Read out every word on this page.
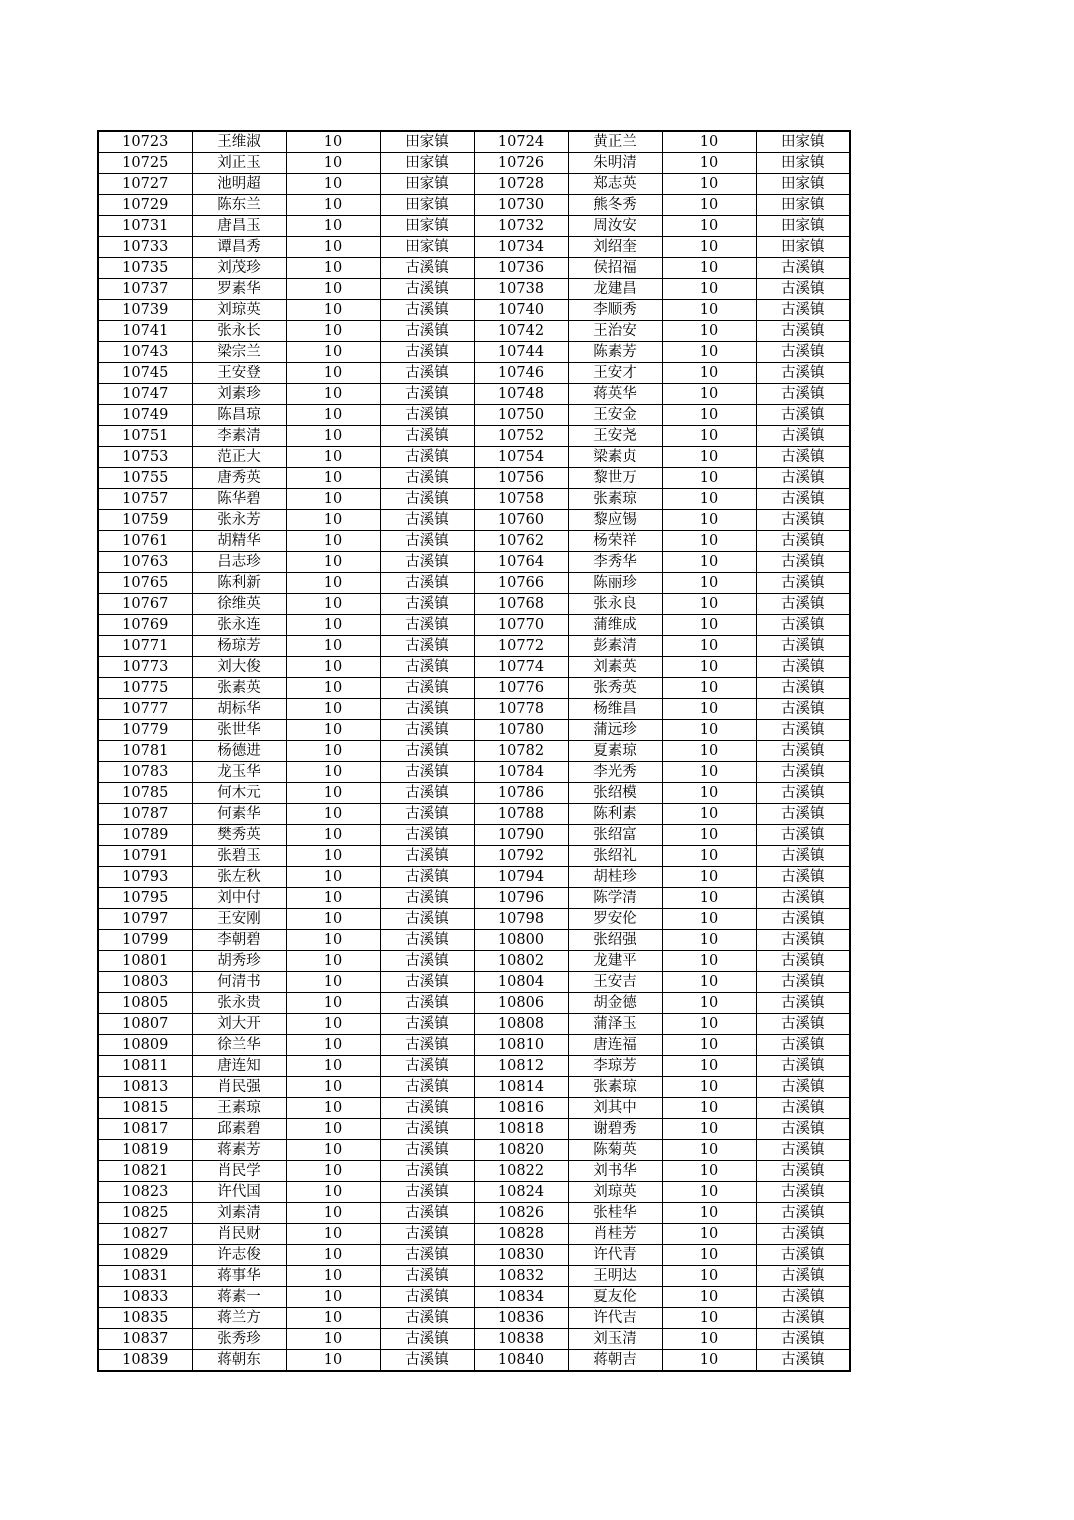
10723	王维淑	10	田家镇	10724	黄正兰	10	田家镇
10725	刘正玉	10	田家镇	10726	朱明清	10	田家镇
10727	池明超	10	田家镇	10728	郑志英	10	田家镇
10729	陈东兰	10	田家镇	10730	熊冬秀	10	田家镇
10731	唐昌玉	10	田家镇	10732	周汝安	10	田家镇
10733	谭昌秀	10	田家镇	10734	刘绍奎	10	田家镇
10735	刘茂珍	10	古溪镇	10736	侯招福	10	古溪镇
10737	罗素华	10	古溪镇	10738	龙建昌	10	古溪镇
10739	刘琼英	10	古溪镇	10740	李顺秀	10	古溪镇
10741	张永长	10	古溪镇	10742	王治安	10	古溪镇
10743	梁宗兰	10	古溪镇	10744	陈素芳	10	古溪镇
10745	王安登	10	古溪镇	10746	王安才	10	古溪镇
10747	刘素珍	10	古溪镇	10748	蒋英华	10	古溪镇
10749	陈昌琼	10	古溪镇	10750	王安金	10	古溪镇
10751	李素清	10	古溪镇	10752	王安尧	10	古溪镇
10753	范正大	10	古溪镇	10754	梁素贞	10	古溪镇
10755	唐秀英	10	古溪镇	10756	黎世万	10	古溪镇
10757	陈华碧	10	古溪镇	10758	张素琼	10	古溪镇
10759	张永芳	10	古溪镇	10760	黎应锡	10	古溪镇
10761	胡精华	10	古溪镇	10762	杨荣祥	10	古溪镇
10763	吕志珍	10	古溪镇	10764	李秀华	10	古溪镇
10765	陈利新	10	古溪镇	10766	陈丽珍	10	古溪镇
10767	徐维英	10	古溪镇	10768	张永良	10	古溪镇
10769	张永连	10	古溪镇	10770	蒲维成	10	古溪镇
10771	杨琼芳	10	古溪镇	10772	彭素清	10	古溪镇
10773	刘大俊	10	古溪镇	10774	刘素英	10	古溪镇
10775	张素英	10	古溪镇	10776	张秀英	10	古溪镇
10777	胡标华	10	古溪镇	10778	杨维昌	10	古溪镇
10779	张世华	10	古溪镇	10780	蒲远珍	10	古溪镇
10781	杨德进	10	古溪镇	10782	夏素琼	10	古溪镇
10783	龙玉华	10	古溪镇	10784	李光秀	10	古溪镇
10785	何木元	10	古溪镇	10786	张绍模	10	古溪镇
10787	何素华	10	古溪镇	10788	陈利素	10	古溪镇
10789	樊秀英	10	古溪镇	10790	张绍富	10	古溪镇
10791	张碧玉	10	古溪镇	10792	张绍礼	10	古溪镇
10793	张左秋	10	古溪镇	10794	胡桂珍	10	古溪镇
10795	刘中付	10	古溪镇	10796	陈学清	10	古溪镇
10797	王安刚	10	古溪镇	10798	罗安伦	10	古溪镇
10799	李朝碧	10	古溪镇	10800	张绍强	10	古溪镇
10801	胡秀珍	10	古溪镇	10802	龙建平	10	古溪镇
10803	何清书	10	古溪镇	10804	王安吉	10	古溪镇
10805	张永贵	10	古溪镇	10806	胡金德	10	古溪镇
10807	刘大开	10	古溪镇	10808	蒲泽玉	10	古溪镇
10809	徐兰华	10	古溪镇	10810	唐连福	10	古溪镇
10811	唐连知	10	古溪镇	10812	李琼芳	10	古溪镇
10813	肖民强	10	古溪镇	10814	张素琼	10	古溪镇
10815	王素琼	10	古溪镇	10816	刘其中	10	古溪镇
10817	邱素碧	10	古溪镇	10818	谢碧秀	10	古溪镇
10819	蒋素芳	10	古溪镇	10820	陈菊英	10	古溪镇
10821	肖民学	10	古溪镇	10822	刘书华	10	古溪镇
10823	许代国	10	古溪镇	10824	刘琼英	10	古溪镇
10825	刘素清	10	古溪镇	10826	张桂华	10	古溪镇
10827	肖民财	10	古溪镇	10828	肖桂芳	10	古溪镇
10829	许志俊	10	古溪镇	10830	许代青	10	古溪镇
10831	蒋事华	10	古溪镇	10832	王明达	10	古溪镇
10833	蒋素一	10	古溪镇	10834	夏友伦	10	古溪镇
10835	蒋兰方	10	古溪镇	10836	许代吉	10	古溪镇
10837	张秀珍	10	古溪镇	10838	刘玉清	10	古溪镇
10839	蒋朝东	10	古溪镇	10840	蒋朝吉	10	古溪镇
